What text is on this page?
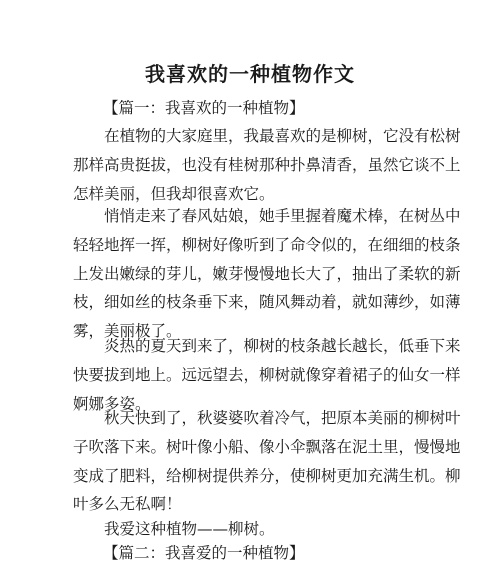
我喜欢的一种植物作文
【篇一：我喜欢的一种植物】
在植物的大家庭里，我最喜欢的是柳树，它没有松树
那样高贵挺拔，也没有桂树那种扑鼻清香，虽然它谈不上
怎样美丽，但我却很喜欢它。
悄悄走来了春风姑娘，她手里握着魔术棒，在树丛中
轻轻地挥一挥，柳树好像听到了命令似的，在细细的枝条
上发出嫩绿的芽儿，嫩芽慢慢地长大了，抽出了柔软的新
枝，细如丝的枝条垂下来，随风舞动着，就如薄纱，如薄
雾，美丽极了。
炎热的夏天到来了，柳树的枝条越长越长，低垂下来
快要拔到地上。远远望去，柳树就像穿着裙子的仙女一样
婀娜多姿。
秋天快到了，秋婆婆吹着冷气，把原本美丽的柳树叶
子吹落下来。树叶像小船、像小伞飘落在泥土里，慢慢地
变成了肥料，给柳树提供养分，使柳树更加充满生机。柳
叶多么无私啊！
我爱这种植物——柳树。
【篇二：我喜爱的一种植物】
